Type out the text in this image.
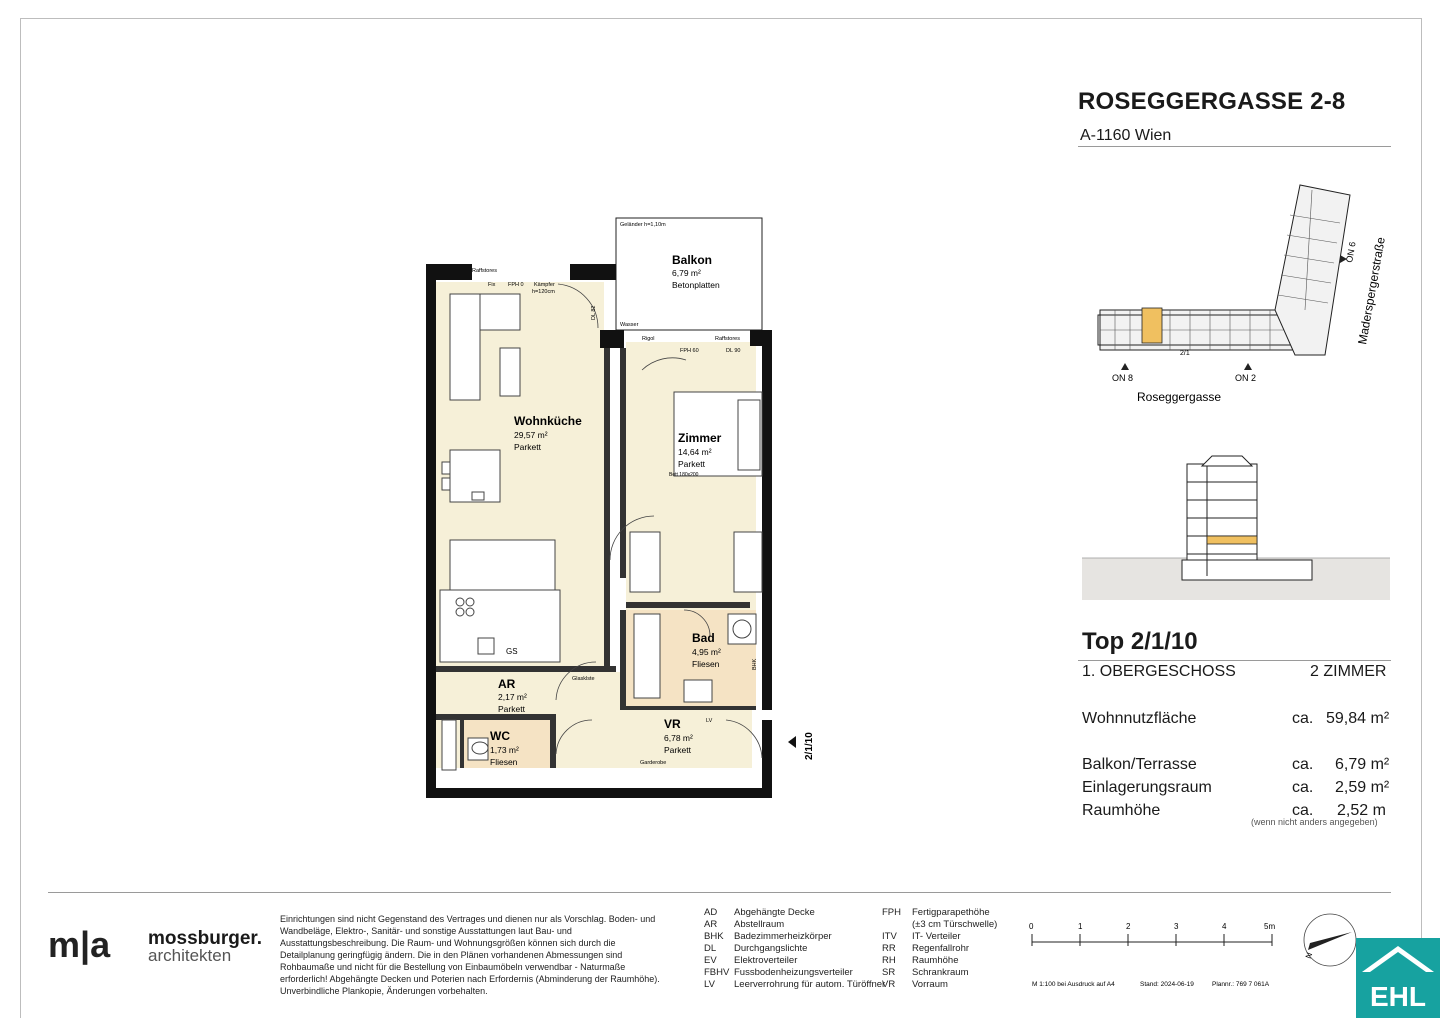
ROSEGGERGASSE 2-8
A-1160 Wien
ON 8	ON 2
ON 6
2/1
Roseggergasse
Maderspergerstraße
Top 2/1/10
1. OBERGESCHOSS	2 ZIMMER
Wohnnutzfläche	ca. 59,84 m²
Balkon/Terrasse	ca. 6,79 m²
Einlagerungsraum	ca. 2,59 m²
Raumhöhe	ca. 2,52 m
(wenn nicht anders angegeben)
Balkon
6,79 m²
Betonplatten
Wohnküche
29,57 m²
Parkett
Zimmer
14,64 m²
Parkett
Bett 180x200
Bad
4,95 m²
Fliesen
AR
2,17 m²
Parkett
WC
1,73 m²
Fliesen
VR
6,78 m²
Parkett
Geländer h=1,10m
Raffstores
Raffstores
Fix FPH 0 Kämpfer
h=120cm
Wasser
Rigol
FPH 60	DL 90
DL 82
GS
Glasklste
Garderobe
BHK
LV
2/1/10
m|a mossburger.
architekten
Einrichtungen sind nicht Gegenstand des Vertrages und dienen nur als Vorschlag. Boden- und Wandbeläge, Elektro-, Sanitär- und sonstige Ausstattungen laut Bau- und Ausstattungsbeschreibung. Die Raum- und Wohnungsgrößen können sich durch die Detailplanung geringfügig ändern. Die in den Plänen vorhandenen Abmessungen sind Rohbaumaße und nicht für die Bestellung von Einbaumöbeln verwendbar - Naturmaße erforderlich! Abgehängte Decken und Poterien nach Erfordernis (Abminderung der Raumhöhe). Unverbindliche Plankopie, Änderungen vorbehalten.
AD	Abgehängte Decke
AR	Abstellraum
BHK	Badezimmerheizkörper
DL	Durchgangslichte
EV	Elektroverteiler
FBHV Fussbodenheizungsverteiler
LV	Leerverrohrung für autom. Türöffner
FPH	Fertigparapethöhe
(±3 cm Türschwelle)
ITV	IT- Verteiler
RR	Regenfallrohr
RH	Raumhöhe
SR	Schrankraum
VR	Vorraum
0	1	2	3	4	5m
M 1:100 bei Ausdruck auf A4	Stand: 2024-06-19	Plannr.: 769 7 061A
N
EHL
